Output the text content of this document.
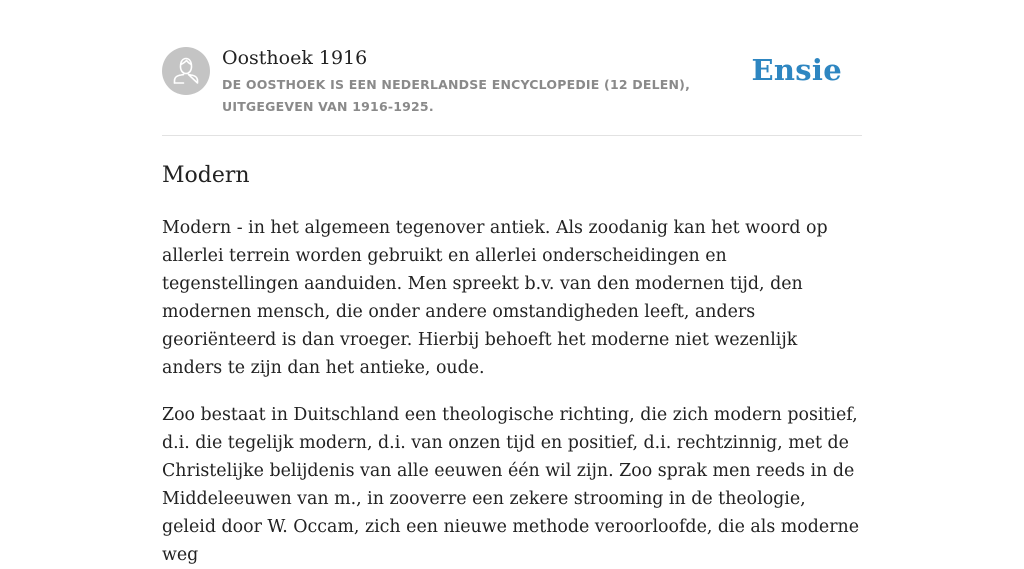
Oosthoek 1916
DE OOSTHOEK IS EEN NEDERLANDSE ENCYCLOPEDIE (12 DELEN), UITGEGEVEN VAN 1916-1925.
Ensie
Modern

Modern - in het algemeen tegenover antiek. Als zoodanig kan het woord op allerlei terrein worden gebruikt en allerlei onderscheidingen en tegenstellingen aanduiden. Men spreekt b.v. van den modernen tijd, den modernen mensch, die onder andere omstandigheden leeft, anders georiënteerd is dan vroeger. Hierbij behoeft het moderne niet wezenlijk anders te zijn dan het antieke, oude.

Zoo bestaat in Duitschland een theologische richting, die zich modern positief, d.i. die tegelijk modern, d.i. van onzen tijd en positief, d.i. rechtzinnig, met de Christelijke belijdenis van alle eeuwen één wil zijn. Zoo sprak men reeds in de Middeleeuwen van m., in zooverre een zekere strooming in de theologie, geleid door W. Occam, zich een nieuwe methode veroorloofde, die als moderne weg
